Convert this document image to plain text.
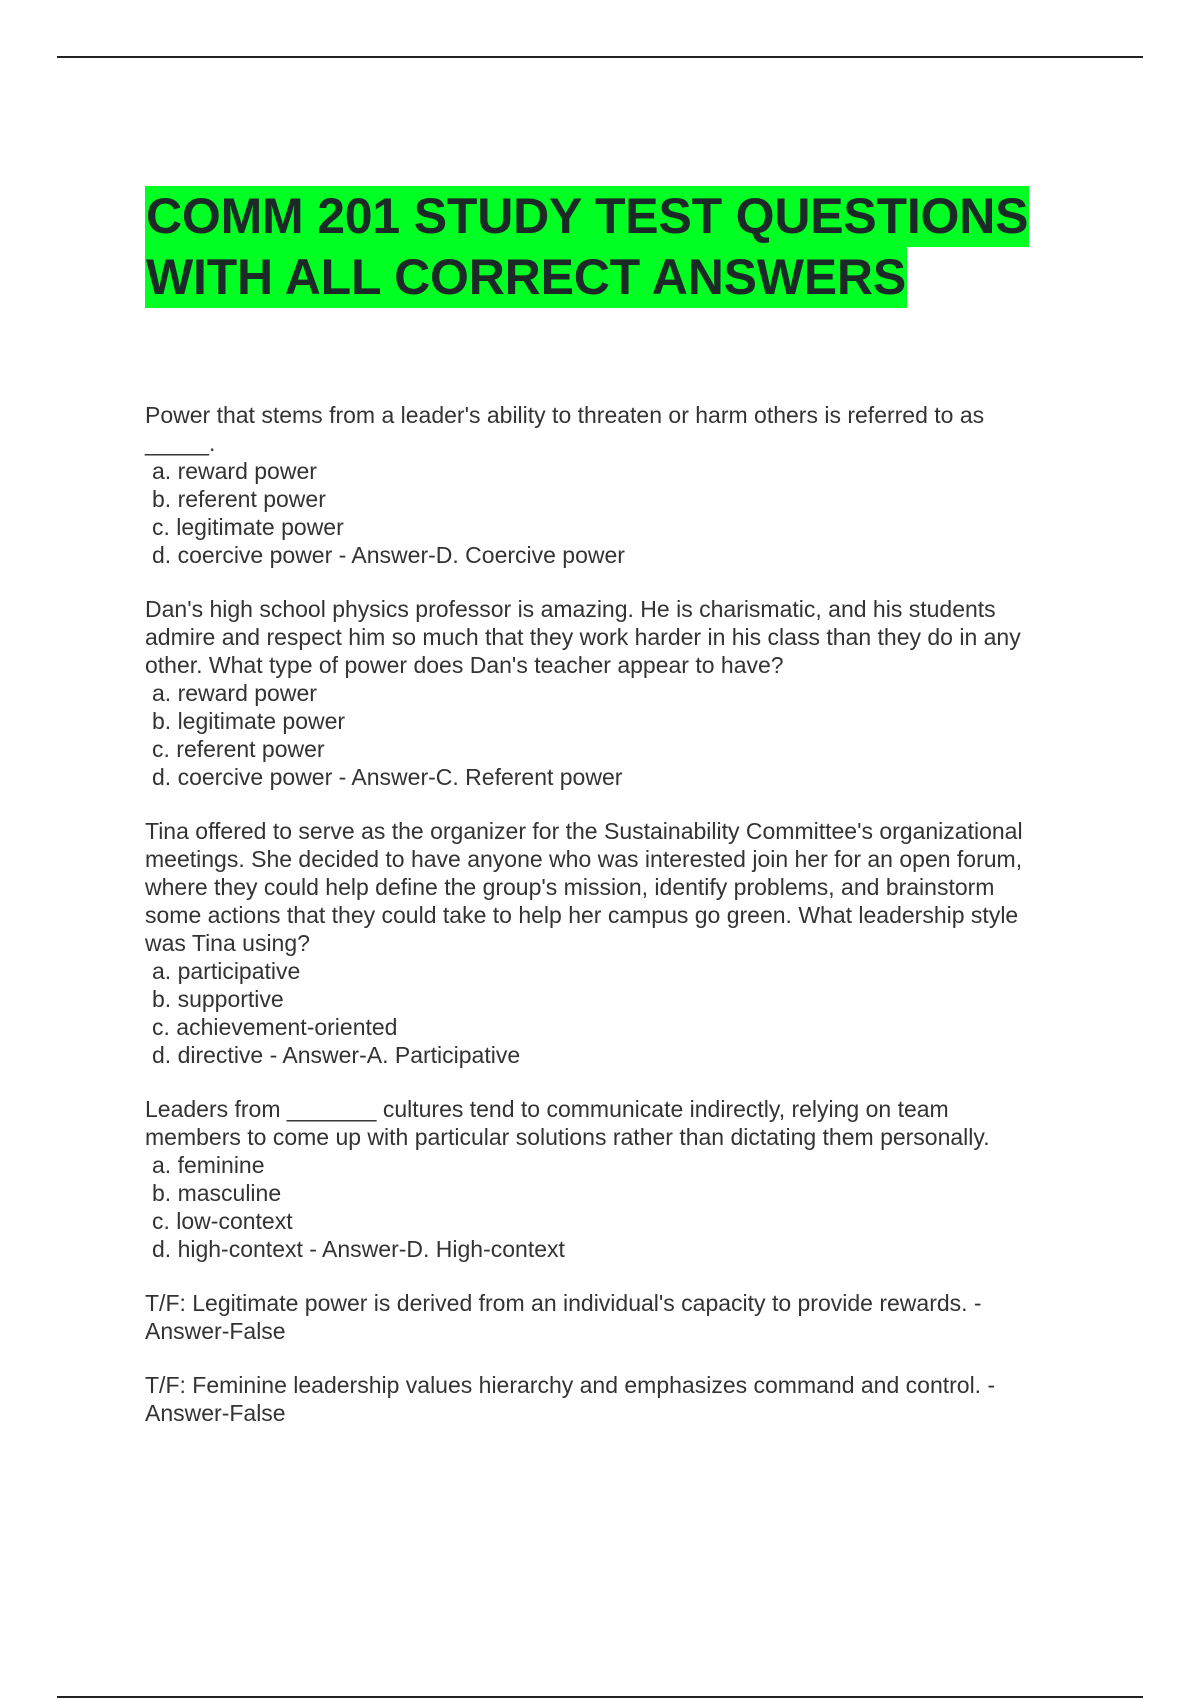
COMM 201 STUDY TEST QUESTIONS
WITH ALL CORRECT ANSWERS
Power that stems from a leader's ability to threaten or harm others is referred to as
_____.
a. reward power
b. referent power
c. legitimate power
d. coercive power - Answer-D. Coercive power
Dan's high school physics professor is amazing. He is charismatic, and his students
admire and respect him so much that they work harder in his class than they do in any
other. What type of power does Dan's teacher appear to have?
a. reward power
b. legitimate power
c. referent power
d. coercive power - Answer-C. Referent power
Tina offered to serve as the organizer for the Sustainability Committee's organizational
meetings. She decided to have anyone who was interested join her for an open forum,
where they could help define the group's mission, identify problems, and brainstorm
some actions that they could take to help her campus go green. What leadership style
was Tina using?
a. participative
b. supportive
c. achievement-oriented
d. directive - Answer-A. Participative
Leaders from _______ cultures tend to communicate indirectly, relying on team
members to come up with particular solutions rather than dictating them personally.
a. feminine
b. masculine
c. low-context
d. high-context - Answer-D. High-context
T/F: Legitimate power is derived from an individual's capacity to provide rewards. -
Answer-False
T/F: Feminine leadership values hierarchy and emphasizes command and control. -
Answer-False
